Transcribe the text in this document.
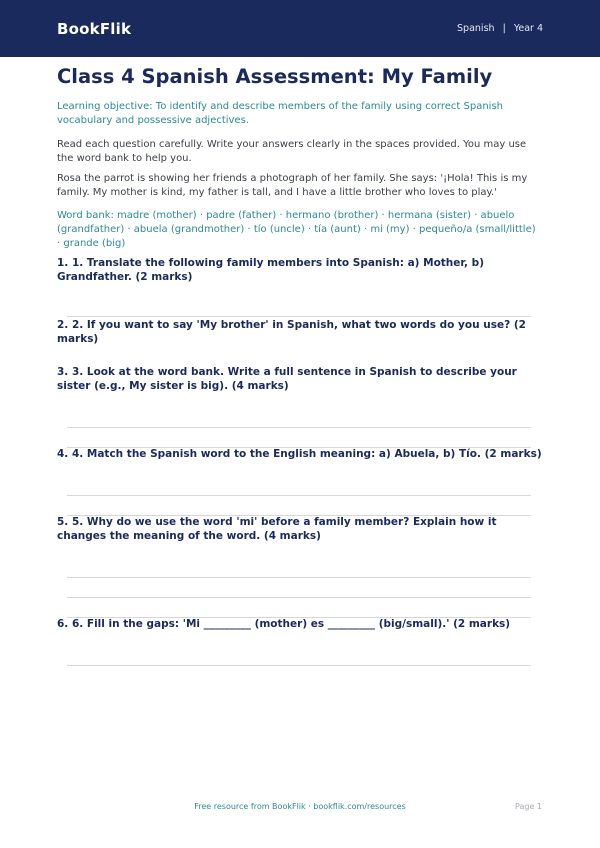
BookFlik	Spanish | Year 4
Class 4 Spanish Assessment: My Family
Learning objective: To identify and describe members of the family using correct Spanish vocabulary and possessive adjectives.
Read each question carefully. Write your answers clearly in the spaces provided. You may use the word bank to help you.
Rosa the parrot is showing her friends a photograph of her family. She says: '¡Hola! This is my family. My mother is kind, my father is tall, and I have a little brother who loves to play.'
Word bank: madre (mother) · padre (father) · hermano (brother) · hermana (sister) · abuelo (grandfather) · abuela (grandmother) · tío (uncle) · tía (aunt) · mi (my) · pequeño/a (small/little) · grande (big)
1. 1. Translate the following family members into Spanish: a) Mother, b) Grandfather. (2 marks)
2. 2. If you want to say 'My brother' in Spanish, what two words do you use? (2 marks)
3. 3. Look at the word bank. Write a full sentence in Spanish to describe your sister (e.g., My sister is big). (4 marks)
4. 4. Match the Spanish word to the English meaning: a) Abuela, b) Tío. (2 marks)
5. 5. Why do we use the word 'mi' before a family member? Explain how it changes the meaning of the word. (4 marks)
6. 6. Fill in the gaps: 'Mi _________ (mother) es _________ (big/small).' (2 marks)
Free resource from BookFlik · bookflik.com/resources	Page 1
